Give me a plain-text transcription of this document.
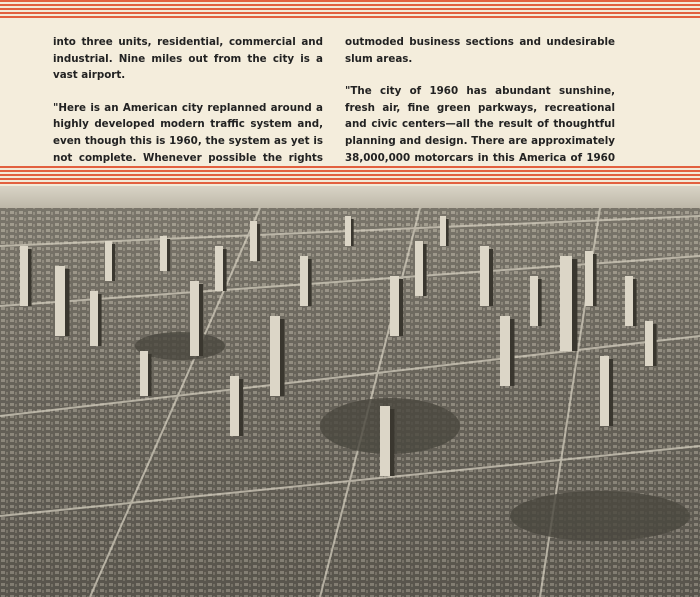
into three units, residential, commercial and industrial. Nine miles out from the city is a vast airport.

"Here is an American city replanned around a highly developed modern traffic system and, even though this is 1960, the system as yet is not complete. Whenever possible the rights

outmoded business sections and undesirable slum areas.

"The city of 1960 has abundant sunshine, fresh air, fine green parkways, recreational and civic centers—all the result of thoughtful planning and design. There are approximately 38,000,000 motorcars in this America of 1960
